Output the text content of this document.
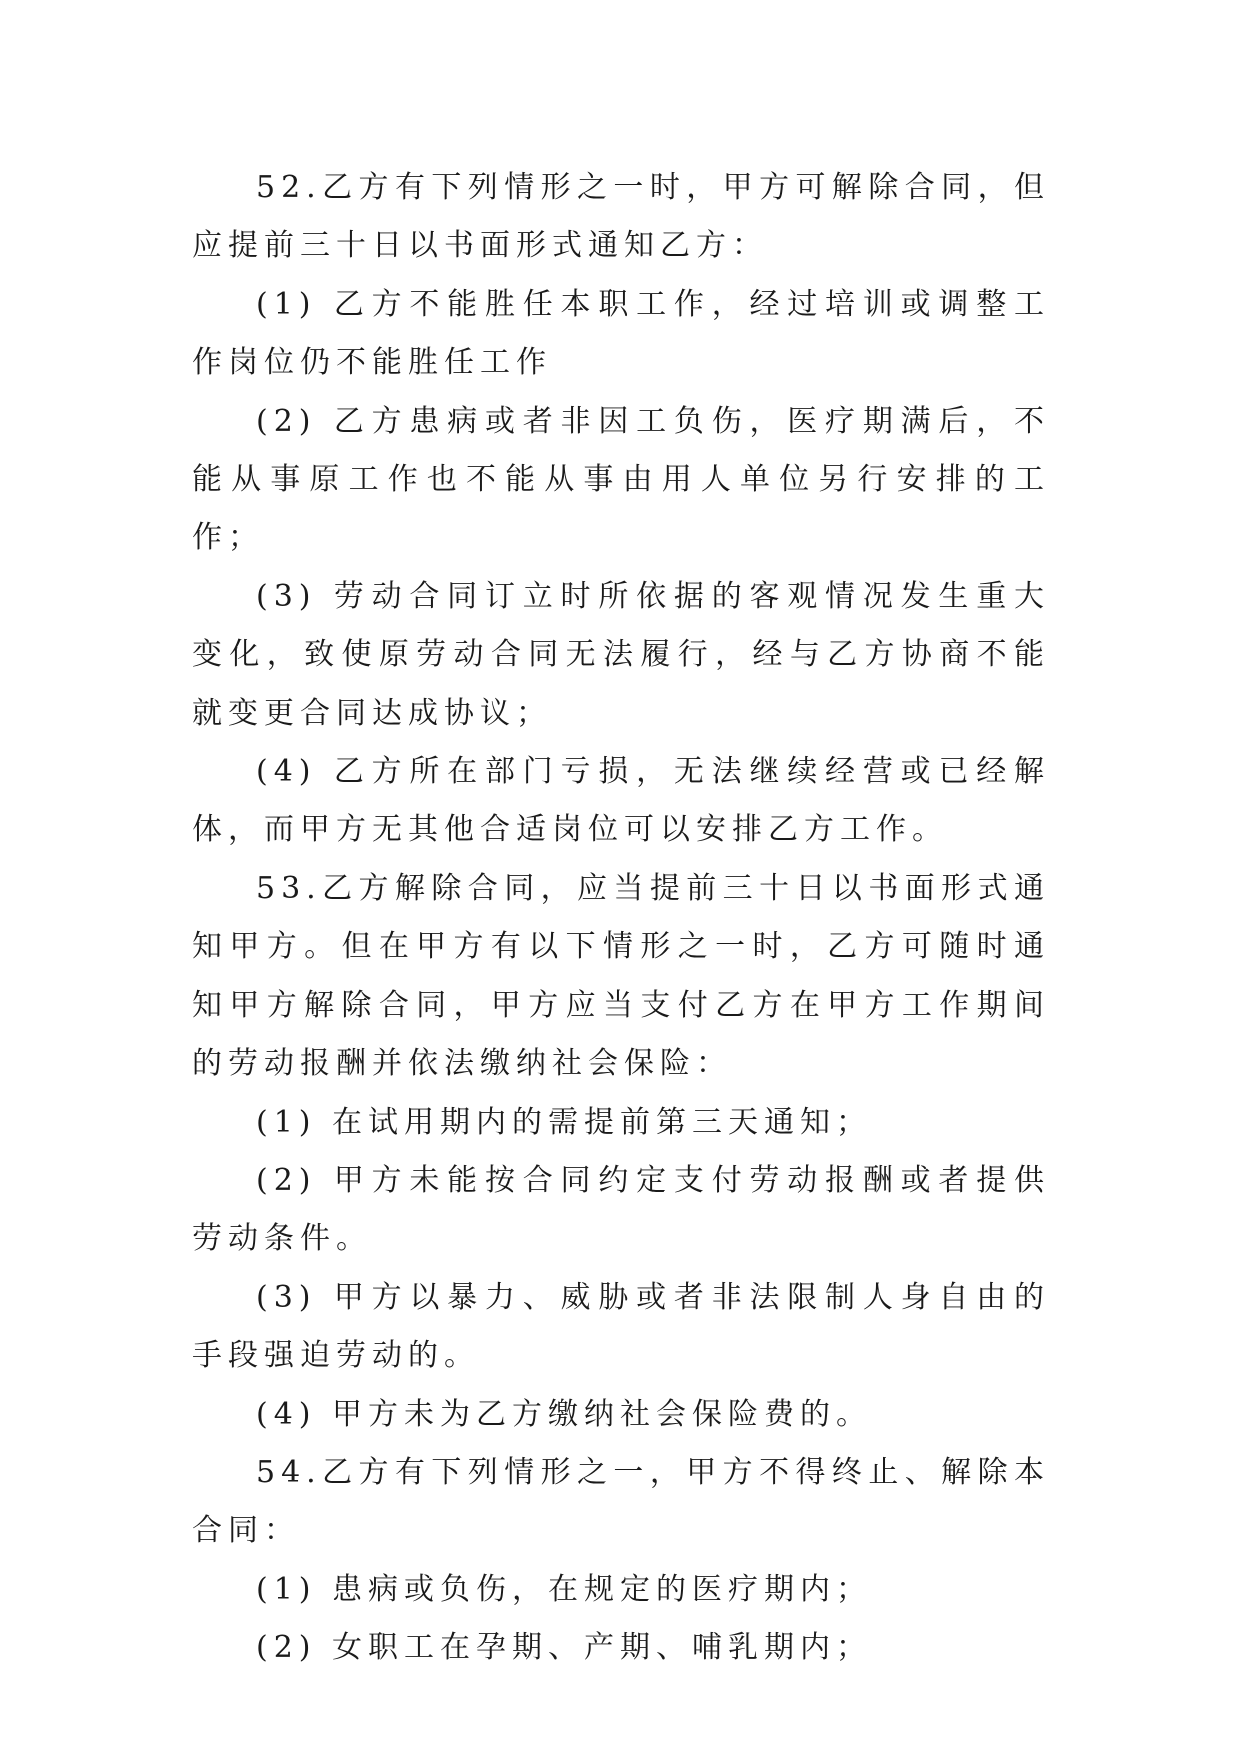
52.乙方有下列情形之一时，甲方可解除合同，但应提前三十日以书面形式通知乙方：

(1) 乙方不能胜任本职工作，经过培训或调整工作岗位仍不能胜任工作

(2) 乙方患病或者非因工负伤，医疗期满后，不能从事原工作也不能从事由用人单位另行安排的工作；

(3) 劳动合同订立时所依据的客观情况发生重大变化，致使原劳动合同无法履行，经与乙方协商不能就变更合同达成协议；

(4) 乙方所在部门亏损，无法继续经营或已经解体，而甲方无其他合适岗位可以安排乙方工作。

53.乙方解除合同，应当提前三十日以书面形式通知甲方。但在甲方有以下情形之一时，乙方可随时通知甲方解除合同，甲方应当支付乙方在甲方工作期间的劳动报酬并依法缴纳社会保险：

(1) 在试用期内的需提前第三天通知；

(2) 甲方未能按合同约定支付劳动报酬或者提供劳动条件。

(3) 甲方以暴力、威胁或者非法限制人身自由的手段强迫劳动的。

(4) 甲方未为乙方缴纳社会保险费的。

54.乙方有下列情形之一，甲方不得终止、解除本合同：

(1) 患病或负伤，在规定的医疗期内；

(2) 女职工在孕期、产期、哺乳期内；
